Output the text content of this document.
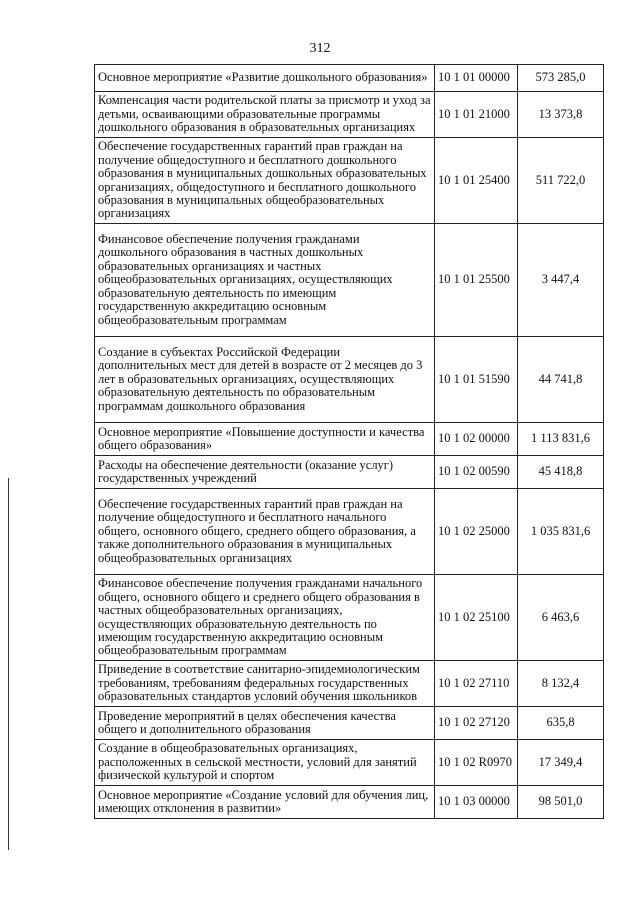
312
Основное мероприятие «Развитие дошкольного образования»	10 1 01 00000	573 285,0
Компенсация части родительской платы за присмотр и уход за детьми, осваивающими образовательные программы дошкольного образования в образовательных организациях	10 1 01 21000	13 373,8
Обеспечение государственных гарантий прав граждан на получение общедоступного и бесплатного дошкольного образования в муниципальных дошкольных образовательных организациях, общедоступного и бесплатного дошкольного образования в муниципальных общеобразовательных организациях	10 1 01 25400	511 722,0
Финансовое обеспечение получения гражданами дошкольного образования в частных дошкольных образовательных организациях и частных общеобразовательных организациях, осуществляющих образовательную деятельность по имеющим государственную аккредитацию основным общеобразовательным программам	10 1 01 25500	3 447,4
Создание в субъектах Российской Федерации дополнительных мест для детей в возрасте от 2 месяцев до 3 лет в образовательных организациях, осуществляющих образовательную деятельность по образовательным программам дошкольного образования	10 1 01 51590	44 741,8
Основное мероприятие «Повышение доступности и качества общего образования»	10 1 02 00000	1 113 831,6
Расходы на обеспечение деятельности (оказание услуг) государственных учреждений	10 1 02 00590	45 418,8
Обеспечение государственных гарантий прав граждан на получение общедоступного и бесплатного начального общего, основного общего, среднего общего образования, а также дополнительного образования в муниципальных общеобразовательных организациях	10 1 02 25000	1 035 831,6
Финансовое обеспечение получения гражданами начального общего, основного общего и среднего общего образования в частных общеобразовательных организациях, осуществляющих образовательную деятельность по имеющим государственную аккредитацию основным общеобразовательным программам	10 1 02 25100	6 463,6
Приведение в соответствие санитарно-эпидемиологическим требованиям, требованиям федеральных государственных образовательных стандартов условий обучения школьников	10 1 02 27110	8 132,4
Проведение мероприятий в целях обеспечения качества общего и дополнительного образования	10 1 02 27120	635,8
Создание в общеобразовательных организациях, расположенных в сельской местности, условий для занятий физической культурой и спортом	10 1 02 R0970	17 349,4
Основное мероприятие «Создание условий для обучения лиц, имеющих отклонения в развитии»	10 1 03 00000	98 501,0
